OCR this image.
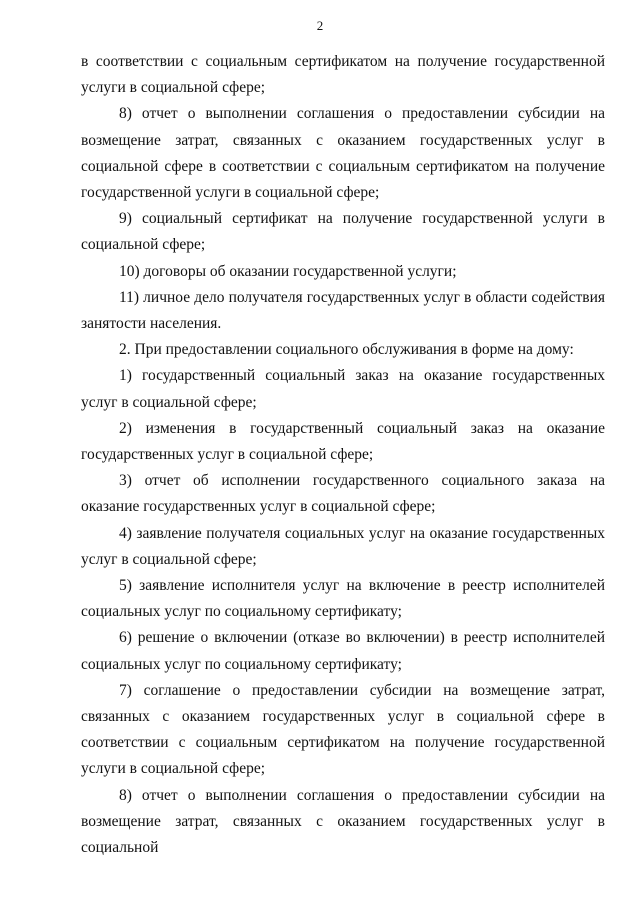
2

в соответствии с социальным сертификатом на получение государственной услуги в социальной сфере;

8) отчет о выполнении соглашения о предоставлении субсидии на возмещение затрат, связанных с оказанием государственных услуг в социальной сфере в соответствии с социальным сертификатом на получение государственной услуги в социальной сфере;

9) социальный сертификат на получение государственной услуги в социальной сфере;

10) договоры об оказании государственной услуги;

11) личное дело получателя государственных услуг в области содействия занятости населения.

2. При предоставлении социального обслуживания в форме на дому:

1) государственный социальный заказ на оказание государственных услуг в социальной сфере;

2) изменения в государственный социальный заказ на оказание государственных услуг в социальной сфере;

3) отчет об исполнении государственного социального заказа на оказание государственных услуг в социальной сфере;

4) заявление получателя социальных услуг на оказание государственных услуг в социальной сфере;

5) заявление исполнителя услуг на включение в реестр исполнителей социальных услуг по социальному сертификату;

6) решение о включении (отказе во включении) в реестр исполнителей социальных услуг по социальному сертификату;

7) соглашение о предоставлении субсидии на возмещение затрат, связанных с оказанием государственных услуг в социальной сфере в соответствии с социальным сертификатом на получение государственной услуги в социальной сфере;

8) отчет о выполнении соглашения о предоставлении субсидии на возмещение затрат, связанных с оказанием государственных услуг в социальной
